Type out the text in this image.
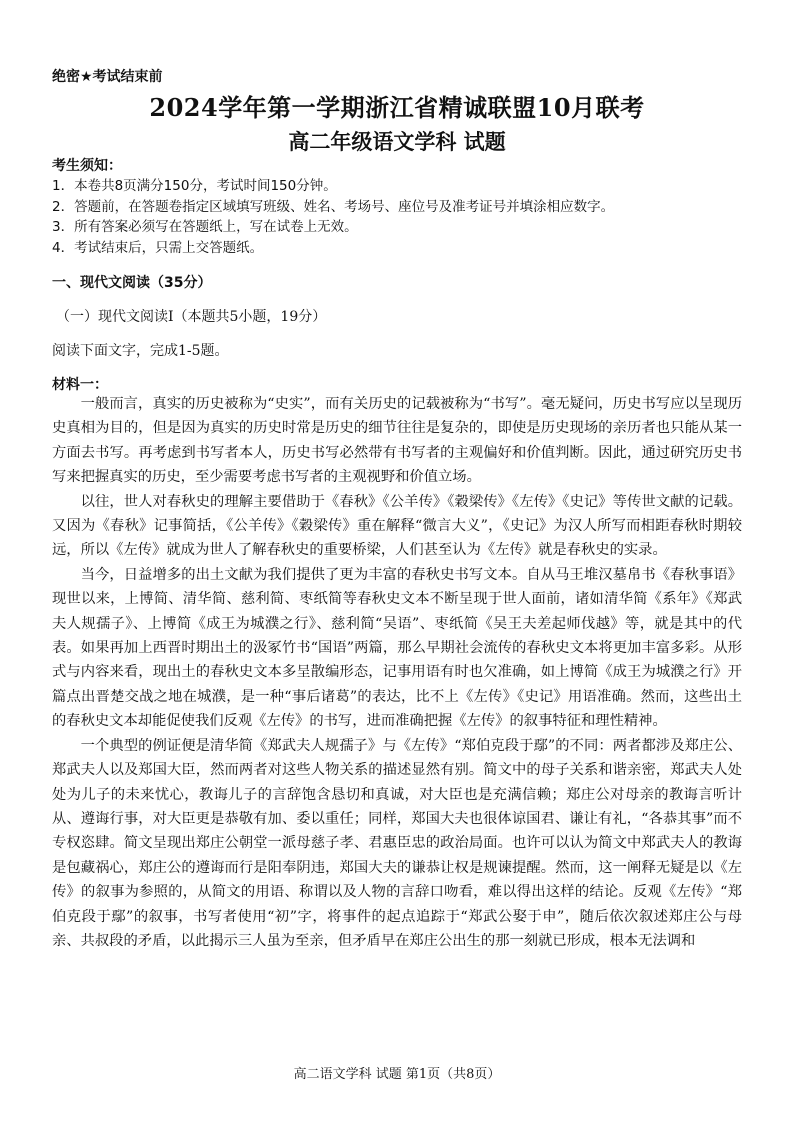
绝密★考试结束前
2024学年第一学期浙江省精诚联盟10月联考
高二年级语文学科 试题
考生须知：
1．本卷共8页满分150分，考试时间150分钟。
2．答题前，在答题卷指定区域填写班级、姓名、考场号、座位号及准考证号并填涂相应数字。
3．所有答案必须写在答题纸上，写在试卷上无效。
4．考试结束后，只需上交答题纸。
一、现代文阅读（35分）
（一）现代文阅读Ⅰ（本题共5小题，19分）
阅读下面文字，完成1-5题。
材料一：

一般而言，真实的历史被称为“史实”，而有关历史的记载被称为“书写”。毫无疑问，历史书写应以呈现历史真相为目的，但是因为真实的历史时常是历史的细节往往是复杂的，即使是历史现场的亲历者也只能从某一方面去书写。再考虑到书写者本人，历史书写必然带有书写者的主观偏好和价值判断。因此，通过研究历史书写来把握真实的历史，至少需要考虑书写者的主观视野和价值立场。

以往，世人对春秋史的理解主要借助于《春秋》《公羊传》《穀梁传》《左传》《史记》等传世文献的记载。又因为《春秋》记事简括，《公羊传》《穀梁传》重在解释“微言大义”，《史记》为汉人所写而相距春秋时期较远，所以《左传》就成为世人了解春秋史的重要桥梁，人们甚至认为《左传》就是春秋史的实录。

当今，日益增多的出土文献为我们提供了更为丰富的春秋史书写文本。自从马王堆汉墓帛书《春秋事语》现世以来，上博简、清华简、慈利简、枣纸简等春秋史文本不断呈现于世人面前，诸如清华简《系年》《郑武夫人规孺子》、上博简《成王为城濮之行》、慈利简“吴语”、枣纸简《吴王夫差起师伐越》等，就是其中的代表。如果再加上西晋时期出土的汲冢竹书“国语”两篇，那么早期社会流传的春秋史文本将更加丰富多彩。从形式与内容来看，现出土的春秋史文本多呈散编形态，记事用语有时也欠准确，如上博简《成王为城濮之行》开篇点出晋楚交战之地在城濮，是一种“事后诸葛”的表达，比不上《左传》《史记》用语准确。然而，这些出土的春秋史文本却能促使我们反观《左传》的书写，进而准确把握《左传》的叙事特征和理性精神。

一个典型的例证便是清华简《郑武夫人规孺子》与《左传》“郑伯克段于鄢”的不同：两者都涉及郑庄公、郑武夫人以及郑国大臣，然而两者对这些人物关系的描述显然有别。简文中的母子关系和谐亲密，郑武夫人处处为儿子的未来忧心，教诲儿子的言辞饱含恳切和真诚，对大臣也是充满信赖；郑庄公对母亲的教诲言听计从、遵诲行事，对大臣更是恭敬有加、委以重任；同样，郑国大夫也很体谅国君、谦让有礼，“各恭其事”而不专权恣肆。简文呈现出郑庄公朝堂一派母慈子孝、君惠臣忠的政治局面。也许可以认为简文中郑武夫人的教诲是包藏祸心，郑庄公的遵诲而行是阳奉阴违，郑国大夫的谦恭让权是规谏提醒。然而，这一阐释无疑是以《左传》的叙事为参照的，从简文的用语、称谓以及人物的言辞口吻看，难以得出这样的结论。反观《左传》“郑伯克段于鄢”的叙事，书写者使用“初”字，将事件的起点追踪于“郑武公娶于申”，随后依次叙述郑庄公与母亲、共叔段的矛盾，以此揭示三人虽为至亲，但矛盾早在郑庄公出生的那一刻就已形成，根本无法调和

高二语文学科 试题 第1页（共8页）
